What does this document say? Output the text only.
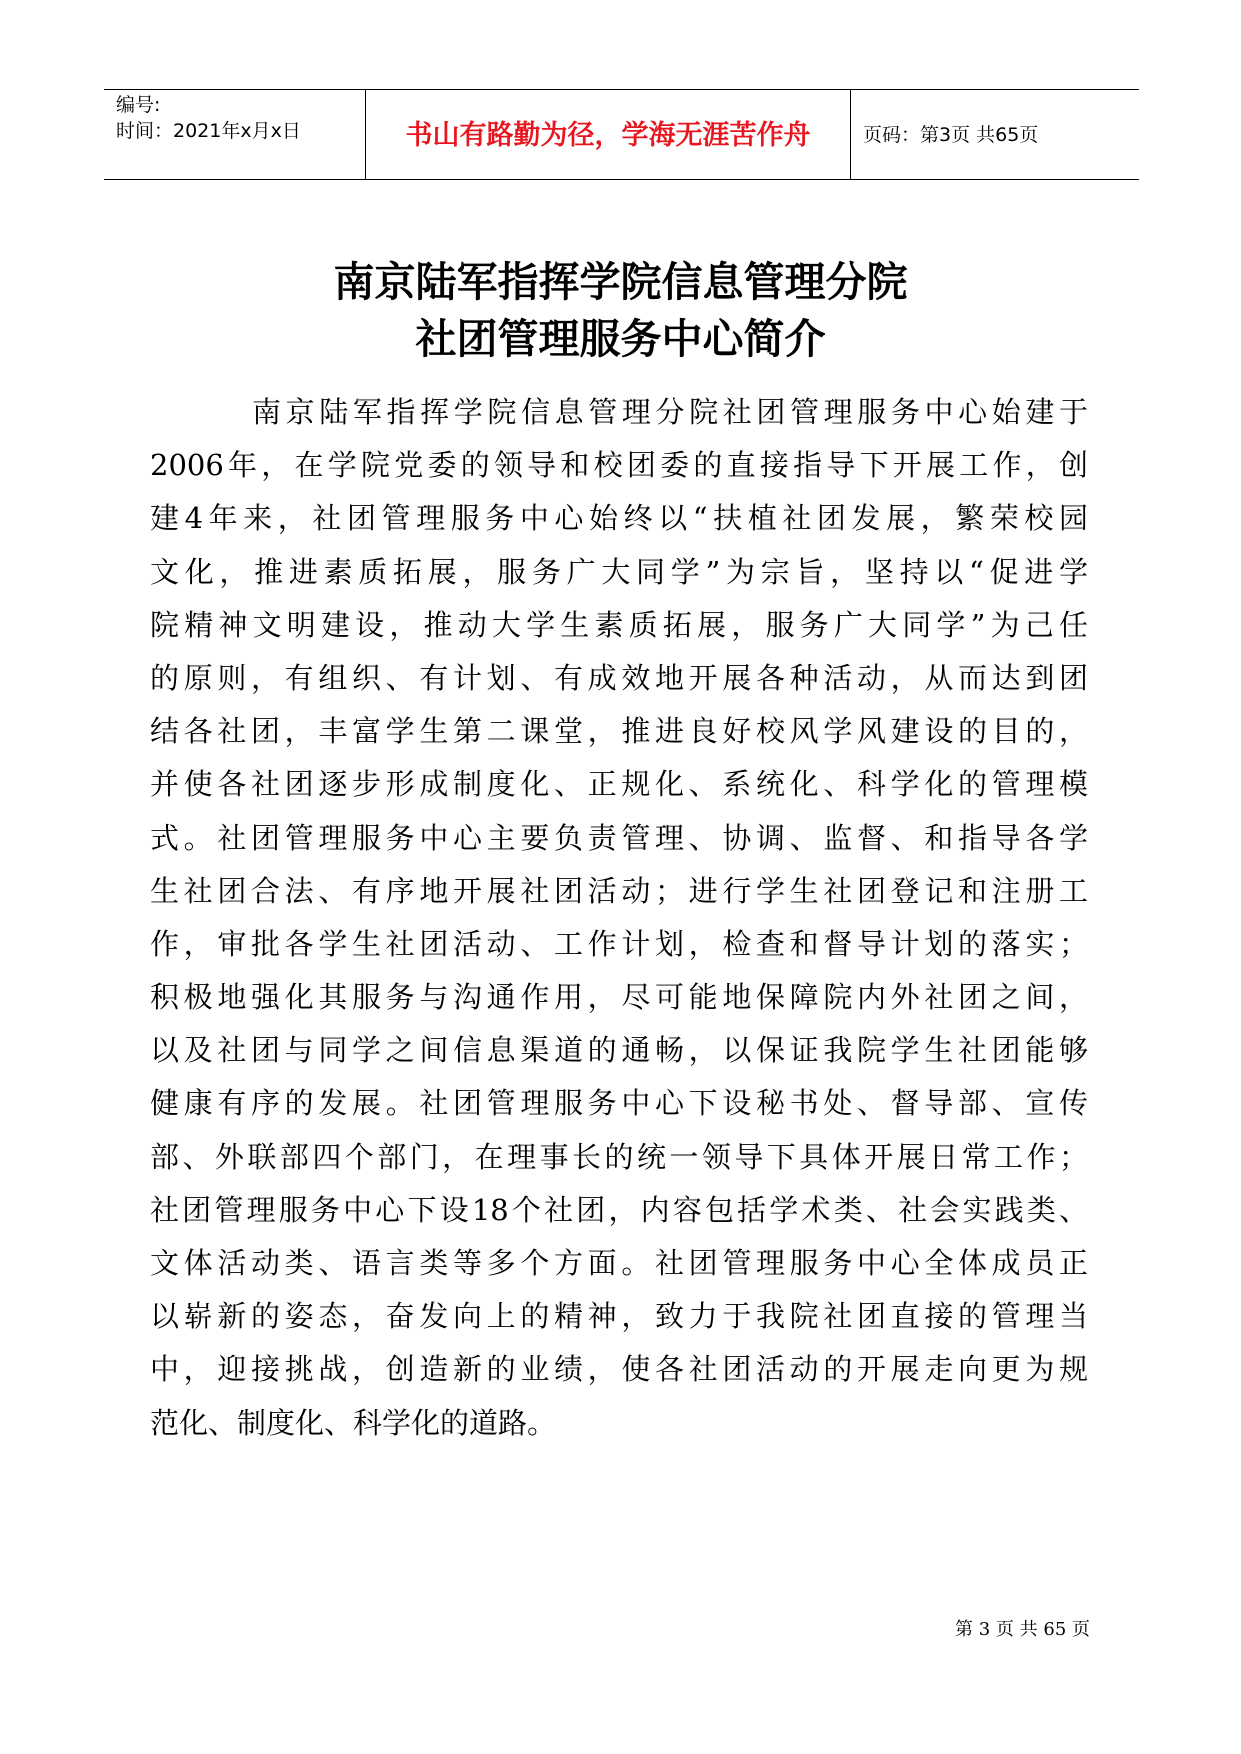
编号:
时间：2021年x月x日	书山有路勤为径，学海无涯苦作舟	页码：第3页 共65页
南京陆军指挥学院信息管理分院
社团管理服务中心简介
南京陆军指挥学院信息管理分院社团管理服务中心始建于
2006年，在学院党委的领导和校团委的直接指导下开展工作，创
建4年来，社团管理服务中心始终以“扶植社团发展，繁荣校园
文化，推进素质拓展，服务广大同学”为宗旨，坚持以“促进学
院精神文明建设，推动大学生素质拓展，服务广大同学”为己任
的原则，有组织、有计划、有成效地开展各种活动，从而达到团
结各社团，丰富学生第二课堂，推进良好校风学风建设的目的，
并使各社团逐步形成制度化、正规化、系统化、科学化的管理模
式。社团管理服务中心主要负责管理、协调、监督、和指导各学
生社团合法、有序地开展社团活动；进行学生社团登记和注册工
作，审批各学生社团活动、工作计划，检查和督导计划的落实；
积极地强化其服务与沟通作用，尽可能地保障院内外社团之间，
以及社团与同学之间信息渠道的通畅，以保证我院学生社团能够
健康有序的发展。社团管理服务中心下设秘书处、督导部、宣传
部、外联部四个部门，在理事长的统一领导下具体开展日常工作；
社团管理服务中心下设18个社团，内容包括学术类、社会实践类、
文体活动类、语言类等多个方面。社团管理服务中心全体成员正
以崭新的姿态，奋发向上的精神，致力于我院社团直接的管理当
中，迎接挑战，创造新的业绩，使各社团活动的开展走向更为规
范化、制度化、科学化的道路。
第 3 页 共 65 页
